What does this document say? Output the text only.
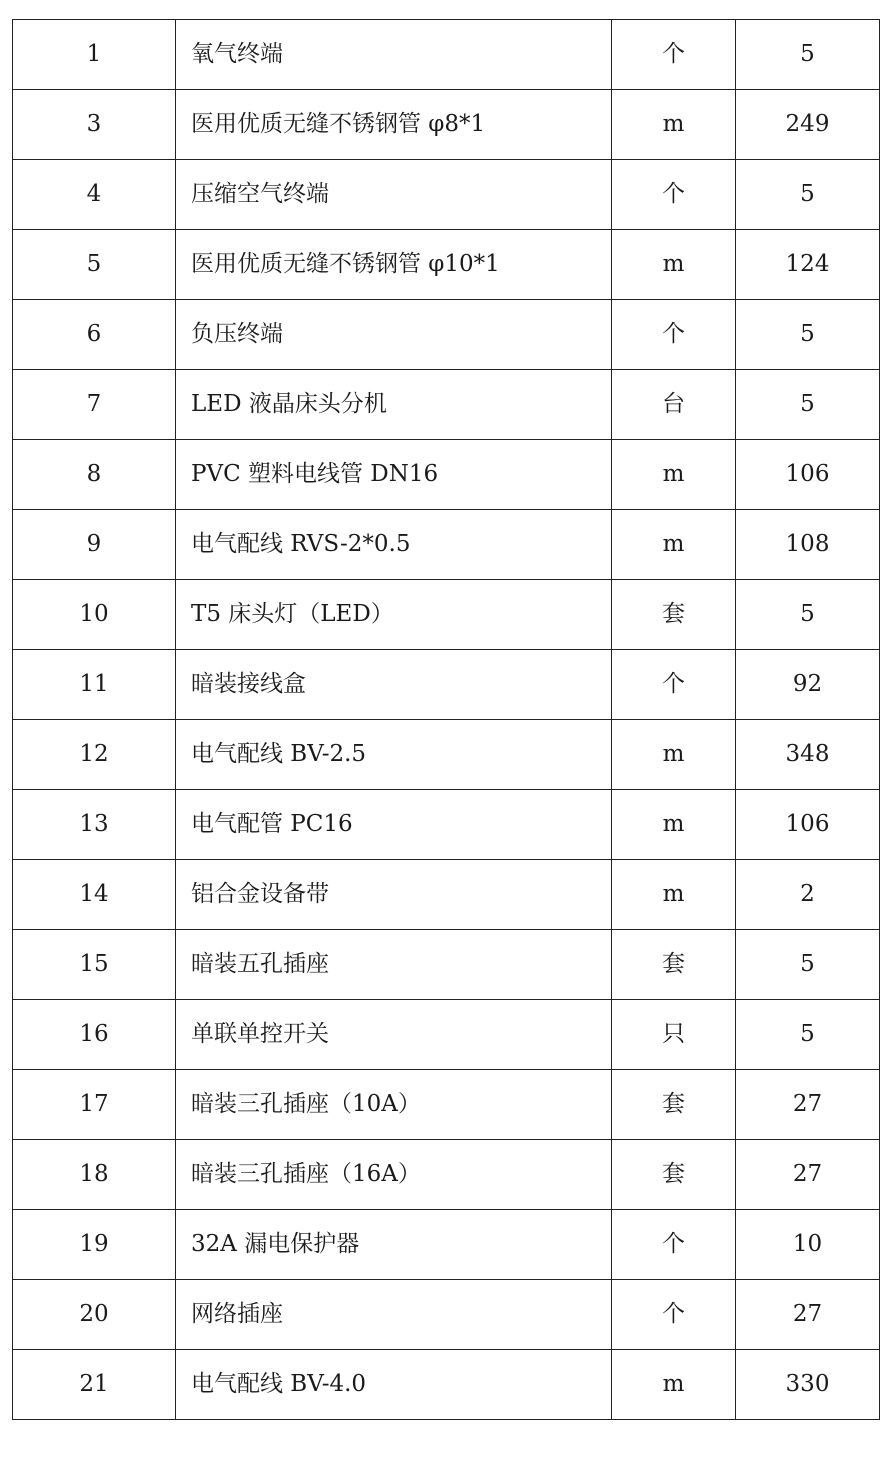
1	氧气终端	个	5
3	医用优质无缝不锈钢管 φ8*1	m	249
4	压缩空气终端	个	5
5	医用优质无缝不锈钢管 φ10*1	m	124
6	负压终端	个	5
7	LED 液晶床头分机	台	5
8	PVC 塑料电线管 DN16	m	106
9	电气配线 RVS-2*0.5	m	108
10	T5 床头灯（LED）	套	5
11	暗装接线盒	个	92
12	电气配线 BV-2.5	m	348
13	电气配管 PC16	m	106
14	铝合金设备带	m	2
15	暗装五孔插座	套	5
16	单联单控开关	只	5
17	暗装三孔插座（10A）	套	27
18	暗装三孔插座（16A）	套	27
19	32A 漏电保护器	个	10
20	网络插座	个	27
21	电气配线 BV-4.0	m	330
